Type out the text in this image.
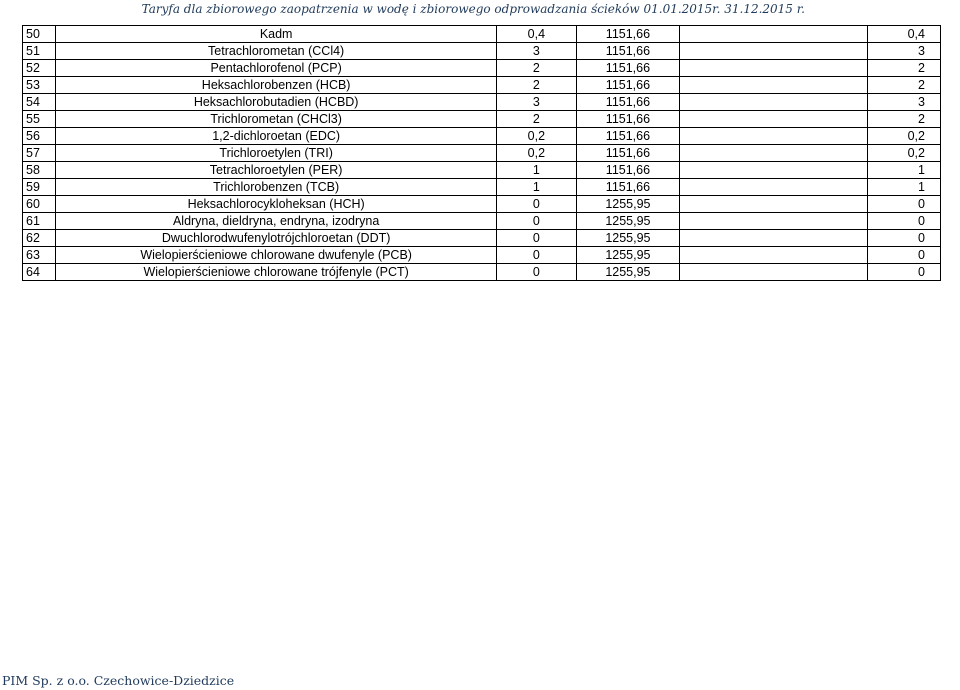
Taryfa dla zbiorowego zaopatrzenia w wodę i zbiorowego odprowadzania ścieków 01.01.2015r. 31.12.2015 r.
50	Kadm	0,4	1151,66		0,4
51	Tetrachlorometan (CCl4)	3	1151,66		3
52	Pentachlorofenol (PCP)	2	1151,66		2
53	Heksachlorobenzen (HCB)	2	1151,66		2
54	Heksachlorobutadien (HCBD)	3	1151,66		3
55	Trichlorometan (CHCl3)	2	1151,66		2
56	1,2-dichloroetan (EDC)	0,2	1151,66		0,2
57	Trichloroetylen (TRI)	0,2	1151,66		0,2
58	Tetrachloroetylen (PER)	1	1151,66		1
59	Trichlorobenzen (TCB)	1	1151,66		1
60	Heksachlorocykloheksan (HCH)	0	1255,95		0
61	Aldryna, dieldryna, endryna, izodryna	0	1255,95		0
62	Dwuchlorodwufenylotrójchloroetan (DDT)	0	1255,95		0
63	Wielopierścieniowe chlorowane dwufenyle (PCB)	0	1255,95		0
64	Wielopierścieniowe chlorowane trójfenyle (PCT)	0	1255,95		0
PIM Sp. z o.o. Czechowice-Dziedzice
